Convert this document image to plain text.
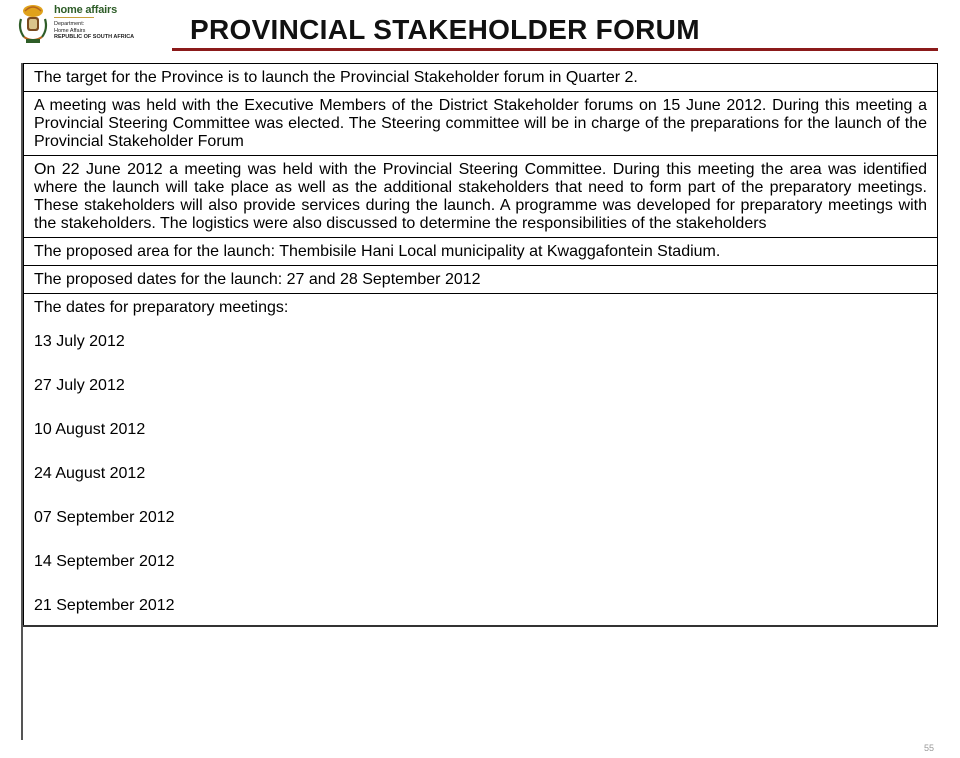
home affairs
Department:
Home Affairs
REPUBLIC OF SOUTH AFRICA PROVINCIAL STAKEHOLDER FORUM
The target for the Province is to launch the Provincial Stakeholder forum in Quarter 2.
A meeting was held with the Executive Members of the District Stakeholder forums on 15 June 2012. During this meeting a Provincial Steering Committee was elected. The Steering committee will be in charge of the preparations for the launch of the Provincial Stakeholder Forum
On 22 June 2012 a meeting was held with the Provincial Steering Committee. During this meeting the area was identified where the launch will take place as well as the additional stakeholders that need to form part of the preparatory meetings. These stakeholders will also provide services during the launch. A programme was developed for preparatory meetings with the stakeholders. The logistics were also discussed to determine the responsibilities of the stakeholders
The proposed area for the launch: Thembisile Hani Local municipality at Kwaggafontein Stadium.
The proposed dates for the launch: 27 and 28 September 2012

The dates for preparatory meetings:
13 July 2012
27 July 2012
10 August 2012
24 August 2012
07 September 2012
14 September 2012
21 September 2012
55
